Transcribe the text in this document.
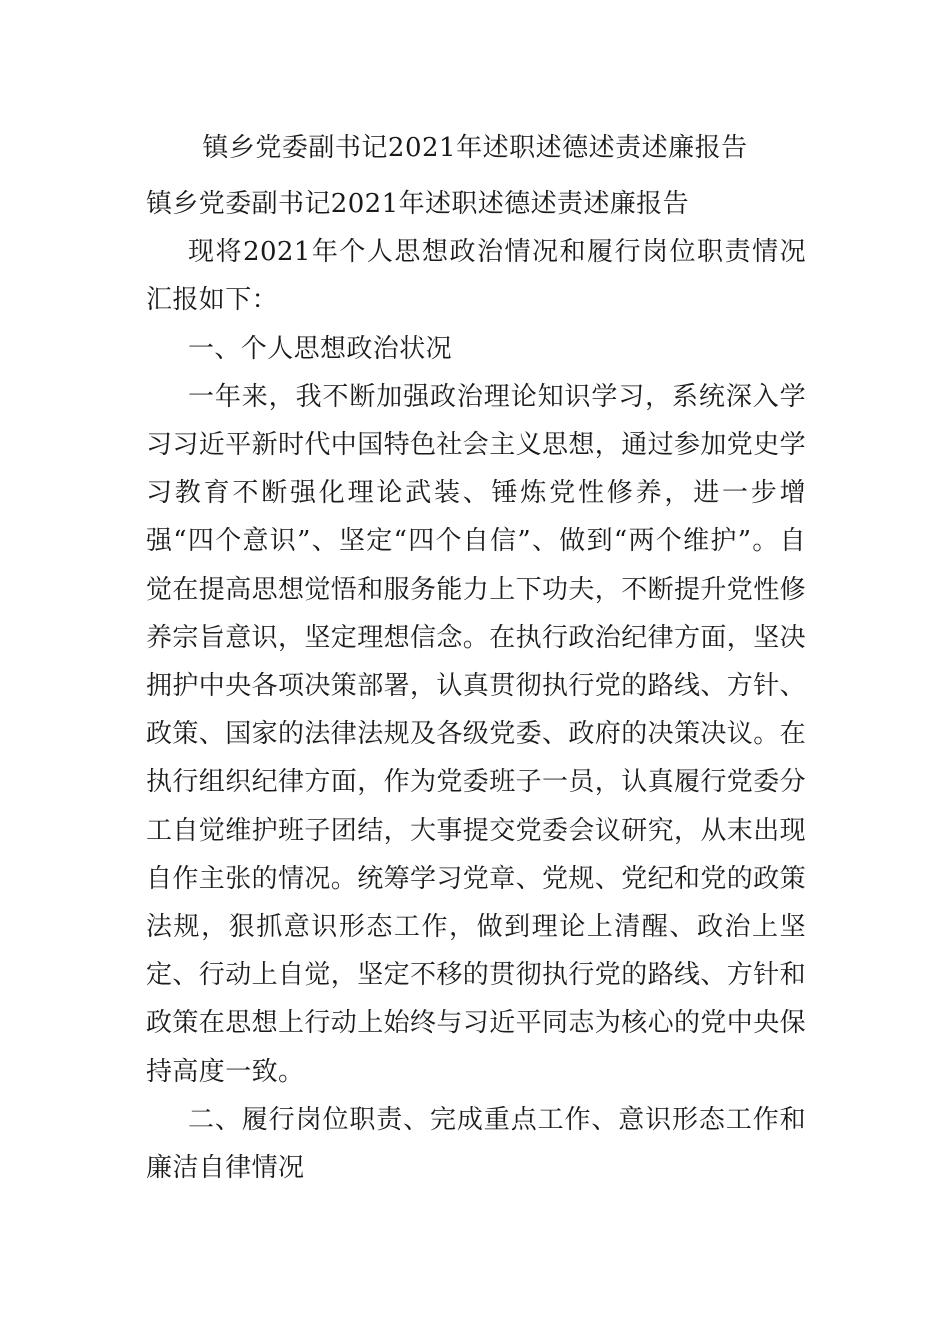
镇乡党委副书记2021年述职述德述责述廉报告

镇乡党委副书记2021年述职述德述责述廉报告

现将2021年个人思想政治情况和履行岗位职责情况汇报如下：

一、个人思想政治状况

一年来，我不断加强政治理论知识学习，系统深入学习习近平新时代中国特色社会主义思想，通过参加党史学习教育不断强化理论武装、锤炼党性修养，进一步增强“四个意识”、坚定“四个自信”、做到“两个维护”。自觉在提高思想觉悟和服务能力上下功夫，不断提升党性修养宗旨意识，坚定理想信念。在执行政治纪律方面，坚决拥护中央各项决策部署，认真贯彻执行党的路线、方针、政策、国家的法律法规及各级党委、政府的决策决议。在执行组织纪律方面，作为党委班子一员，认真履行党委分工自觉维护班子团结，大事提交党委会议研究，从末出现自作主张的情况。统筹学习党章、党规、党纪和党的政策法规，狠抓意识形态工作，做到理论上清醒、政治上坚定、行动上自觉，坚定不移的贯彻执行党的路线、方针和政策在思想上行动上始终与习近平同志为核心的党中央保持高度一致。

二、履行岗位职责、完成重点工作、意识形态工作和廉洁自律情况
